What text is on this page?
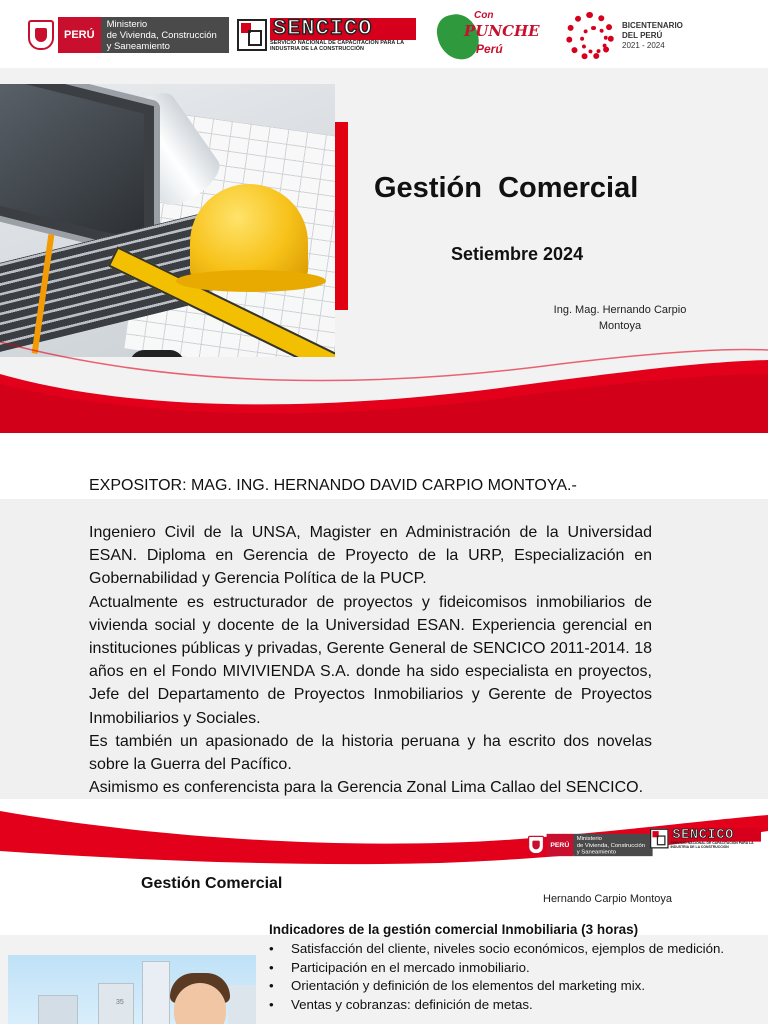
PERÚ
Ministerio
de Vivienda, Construcción
y Saneamiento
SENCICO
SERVICIO NACIONAL DE CAPACITACIÓN PARA LA INDUSTRIA DE LA CONSTRUCCIÓN
-
Con
PUNCHE
Perú
BICENTENARIO
DEL PERÚ
2021 - 2024
Gestión  Comercial
Setiembre 2024
Ing. Mag. Hernando Carpio Montoya
EXPOSITOR: MAG. ING. HERNANDO DAVID CARPIO MONTOYA.-

Ingeniero Civil de la UNSA, Magister en Administración de la Universidad ESAN. Diploma en Gerencia de Proyecto de la URP, Especialización en Gobernabilidad y Gerencia Política de la PUCP.

Actualmente es estructurador de proyectos y fideicomisos inmobiliarios de vivienda social y docente de la Universidad ESAN. Experiencia gerencial en instituciones públicas y privadas, Gerente General de SENCICO 2011-2014. 18 años en el Fondo MIVIVIENDA S.A. donde ha sido especialista en proyectos, Jefe del Departamento de Proyectos Inmobiliarios y Gerente de Proyectos Inmobiliarios y Sociales.

Es también un apasionado de la historia peruana y ha escrito dos novelas sobre la Guerra del Pacífico.

Asimismo es conferencista para la Gerencia Zonal Lima Callao del SENCICO.

PERÚ
Ministerio
de Vivienda, Construcción
y Saneamiento
SENCICO
SERVICIO NACIONAL DE CAPACITACIÓN PARA LA INDUSTRIA DE LA CONSTRUCCIÓN
Gestión Comercial
Hernando Carpio Montoya
Indicadores de la gestión comercial Inmobiliaria (3 horas)
• Satisfacción del cliente, niveles socio económicos, ejemplos de medición.
• Participación en el mercado inmobiliario.
• Orientación y definición de los elementos del marketing mix.
• Ventas y cobranzas: definición de metas.
35
